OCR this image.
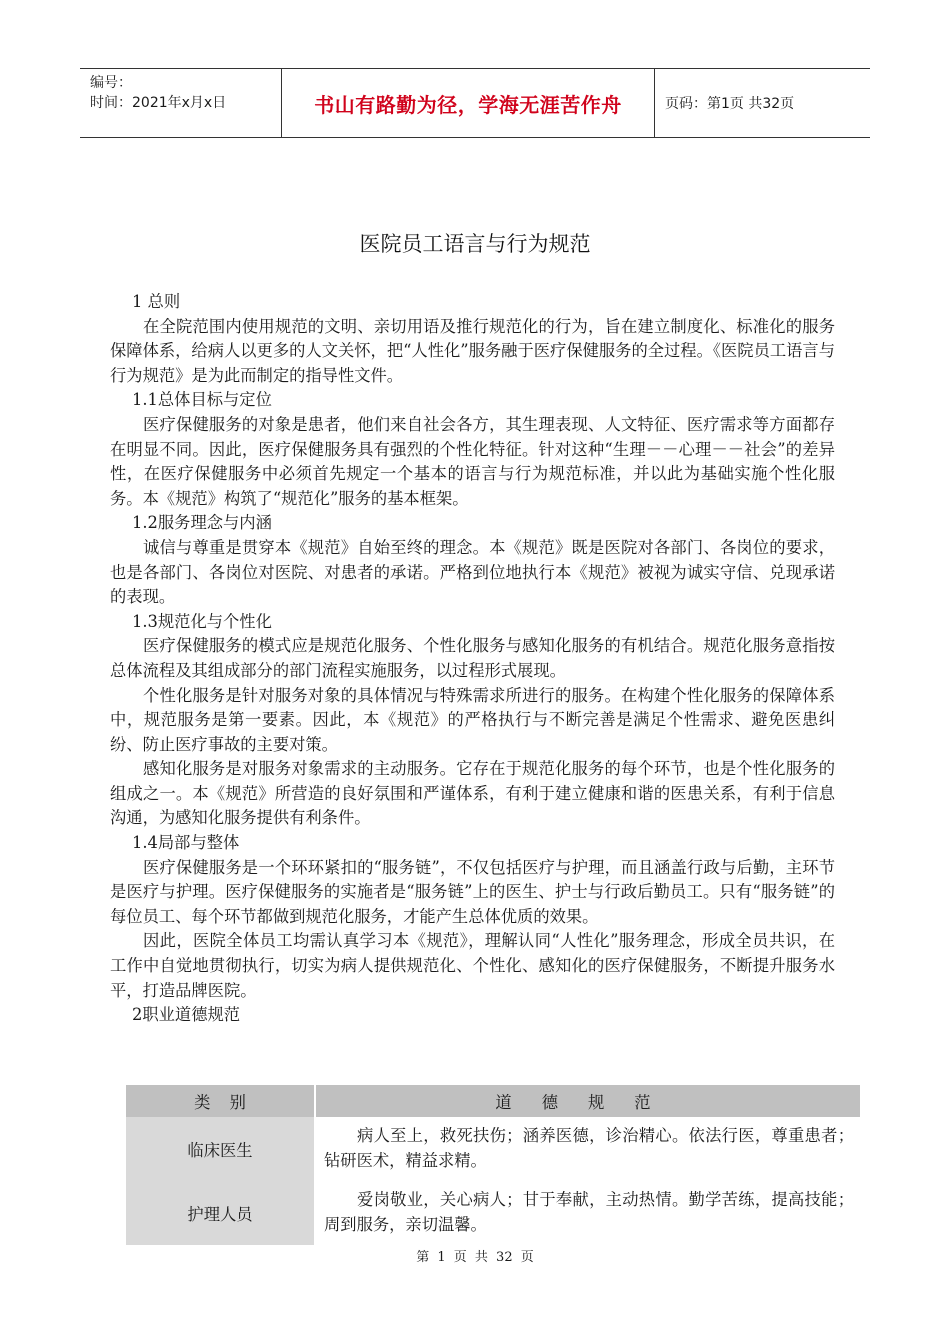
编号：
时间：2021年x月x日	书山有路勤为径，学海无涯苦作舟	页码：第1页 共32页
医院员工语言与行为规范

1 总则

在全院范围内使用规范的文明、亲切用语及推行规范化的行为，旨在建立制度化、标准化的服务保障体系，给病人以更多的人文关怀，把“人性化”服务融于医疗保健服务的全过程。《医院员工语言与行为规范》是为此而制定的指导性文件。

1.1总体目标与定位

医疗保健服务的对象是患者，他们来自社会各方，其生理表现、人文特征、医疗需求等方面都存在明显不同。因此，医疗保健服务具有强烈的个性化特征。针对这种“生理－－心理－－社会”的差异性，在医疗保健服务中必须首先规定一个基本的语言与行为规范标准，并以此为基础实施个性化服务。本《规范》构筑了“规范化”服务的基本框架。

1.2服务理念与内涵

诚信与尊重是贯穿本《规范》自始至终的理念。本《规范》既是医院对各部门、各岗位的要求，也是各部门、各岗位对医院、对患者的承诺。严格到位地执行本《规范》被视为诚实守信、兑现承诺的表现。

1.3规范化与个性化

医疗保健服务的模式应是规范化服务、个性化服务与感知化服务的有机结合。规范化服务意指按总体流程及其组成部分的部门流程实施服务，以过程形式展现。

个性化服务是针对服务对象的具体情况与特殊需求所进行的服务。在构建个性化服务的保障体系中，规范服务是第一要素。因此，本《规范》的严格执行与不断完善是满足个性需求、避免医患纠纷、防止医疗事故的主要对策。

感知化服务是对服务对象需求的主动服务。它存在于规范化服务的每个环节，也是个性化服务的组成之一。本《规范》所营造的良好氛围和严谨体系，有利于建立健康和谐的医患关系，有利于信息沟通，为感知化服务提供有利条件。

1.4局部与整体

医疗保健服务是一个环环紧扣的“服务链”，不仅包括医疗与护理，而且涵盖行政与后勤，主环节是医疗与护理。医疗保健服务的实施者是“服务链”上的医生、护士与行政后勤员工。只有“服务链”的每位员工、每个环节都做到规范化服务，才能产生总体优质的效果。

因此，医院全体员工均需认真学习本《规范》，理解认同“人性化”服务理念，形成全员共识，在工作中自觉地贯彻执行，切实为病人提供规范化、个性化、感知化的医疗保健服务，不断提升服务水平，打造品牌医院。

2职业道德规范

类 别	道德规范
临床医生	病人至上，救死扶伤；涵养医德，诊治精心。依法行医，尊重患者；钻研医术，精益求精。
护理人员	爱岗敬业，关心病人；甘于奉献，主动热情。勤学苦练，提高技能；周到服务，亲切温馨。
第 1 页 共 32 页
